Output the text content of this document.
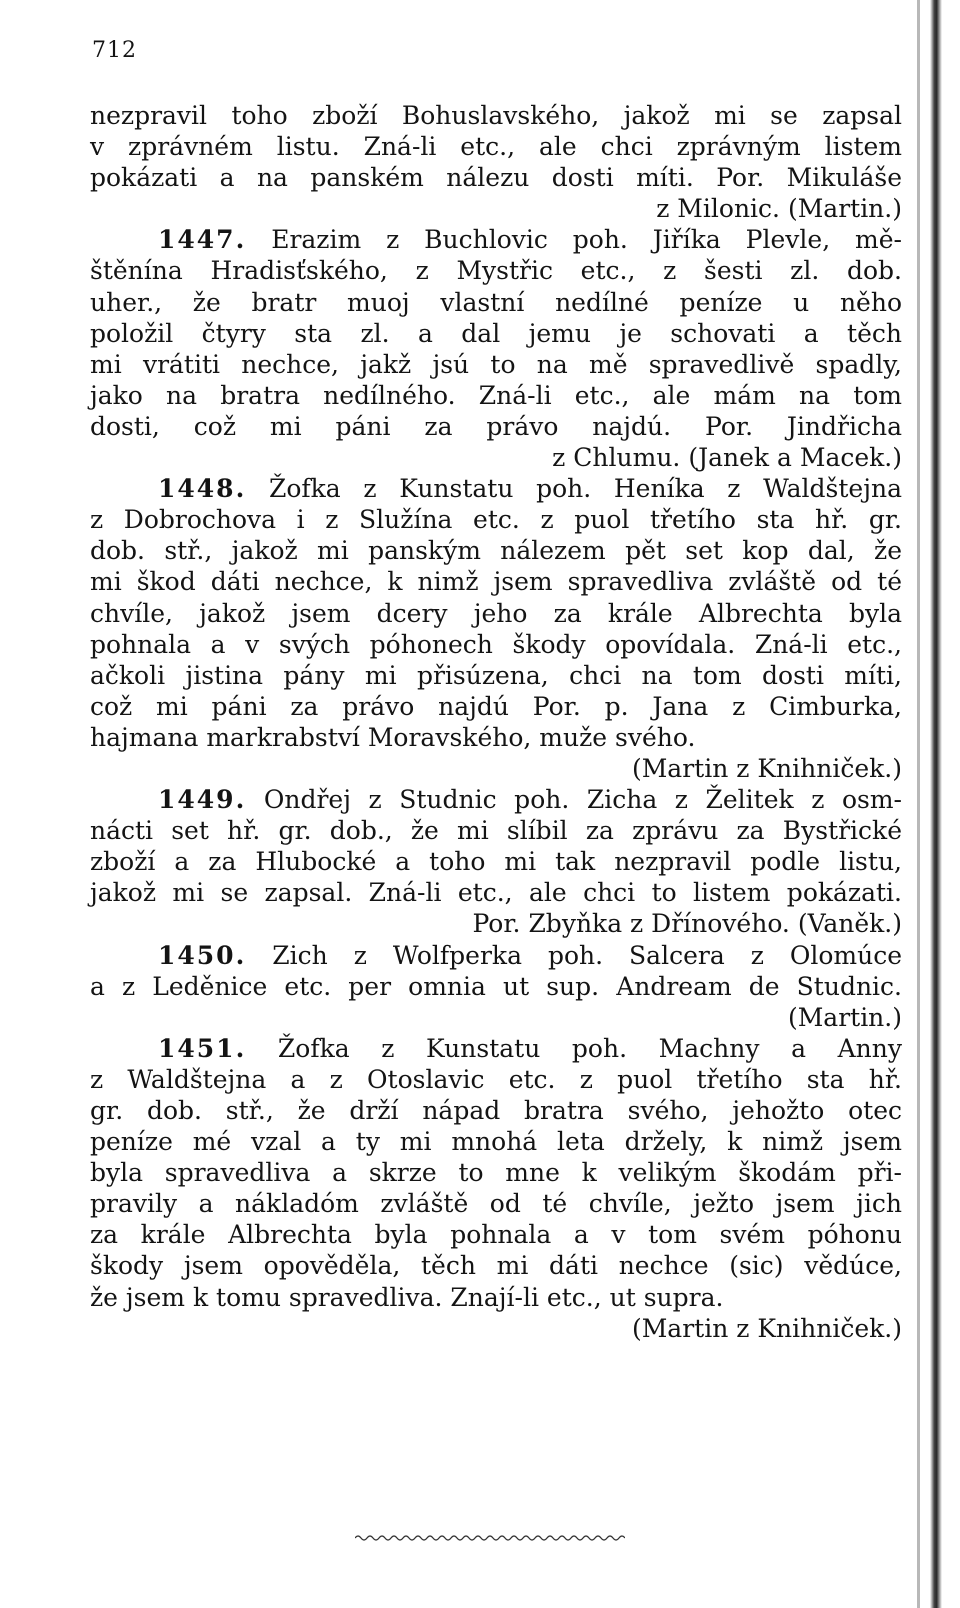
712
nezpravil toho zboží Bohuslavského, jakož mi se zapsal
v zprávném listu. Zná-li etc., ale chci zprávným listem
pokázati a na panském nálezu dosti míti. Por. Mikuláše
z Milonic. (Martin.)
1447. Erazim z Buchlovic poh. Jiříka Plevle, mě-
štěnína Hradisťského, z Mystřic etc., z šesti zl. dob.
uher., že bratr muoj vlastní nedílné peníze u něho
položil čtyry sta zl. a dal jemu je schovati a těch
mi vrátiti nechce, jakž jsú to na mě spravedlivě spadly,
jako na bratra nedílného. Zná-li etc., ale mám na tom
dosti, což mi páni za právo najdú. Por. Jindřicha
z Chlumu. (Janek a Macek.)
1448. Žofka z Kunstatu poh. Heníka z Waldštejna
z Dobrochova i z Služína etc. z puol třetího sta hř. gr.
dob. stř., jakož mi panským nálezem pět set kop dal, že
mi škod dáti nechce, k nimž jsem spravedliva zvláště od té
chvíle, jakož jsem dcery jeho za krále Albrechta byla
pohnala a v svých póhonech škody opovídala. Zná-li etc.,
ačkoli jistina pány mi přisúzena, chci na tom dosti míti,
což mi páni za právo najdú Por. p. Jana z Cimburka,
hajmana markrabství Moravského, muže svého.
(Martin z Knihniček.)
1449. Ondřej z Studnic poh. Zicha z Želitek z osm-
nácti set hř. gr. dob., že mi slíbil za zprávu za Bystřické
zboží a za Hlubocké a toho mi tak nezpravil podle listu,
jakož mi se zapsal. Zná-li etc., ale chci to listem pokázati.
Por. Zbyňka z Dřínového. (Vaněk.)
1450. Zich z Wolfperka poh. Salcera z Olomúce
a z Leděnice etc. per omnia ut sup. Andream de Studnic.
(Martin.)
1451. Žofka z Kunstatu poh. Machny a Anny
z Waldštejna a z Otoslavic etc. z puol třetího sta hř.
gr. dob. stř., že drží nápad bratra svého, jehožto otec
peníze mé vzal a ty mi mnohá leta držely, k nimž jsem
byla spravedliva a skrze to mne k velikým škodám při-
pravily a nákladóm zvláště od té chvíle, ježto jsem jich
za krále Albrechta byla pohnala a v tom svém póhonu
škody jsem opověděla, těch mi dáti nechce (sic) vědúce,
že jsem k tomu spravedliva. Znají-li etc., ut supra.
(Martin z Knihniček.)
